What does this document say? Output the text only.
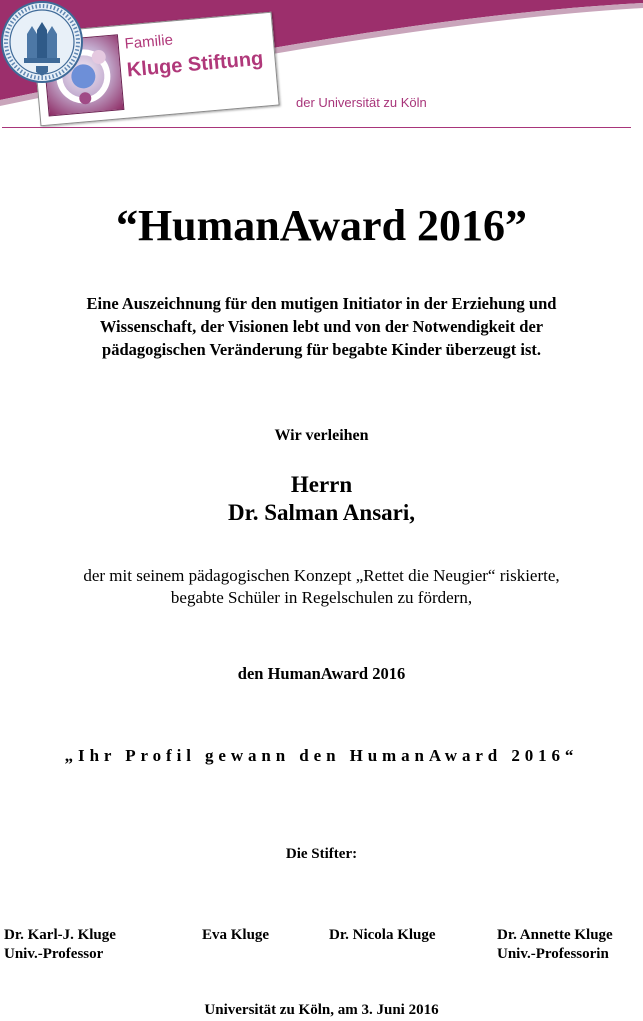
Familie
Kluge Stiftung
der Universität zu Köln
“HumanAward 2016”
Eine Auszeichnung für den mutigen Initiator in der Erziehung und
Wissenschaft, der Visionen lebt und von der Notwendigkeit der
pädagogischen Veränderung für begabte Kinder überzeugt ist.
Wir verleihen
Herrn
Dr. Salman Ansari,
der mit seinem pädagogischen Konzept „Rettet die Neugier“ riskierte,
begabte Schüler in Regelschulen zu fördern,
den HumanAward 2016
„Ihr Profil gewann den HumanAward 2016“
Die Stifter:
Dr. Karl-J. Kluge
Univ.-Professor
Eva Kluge	Dr. Nicola Kluge	Dr. Annette Kluge
Univ.-Professorin
Universität zu Köln, am 3. Juni 2016
